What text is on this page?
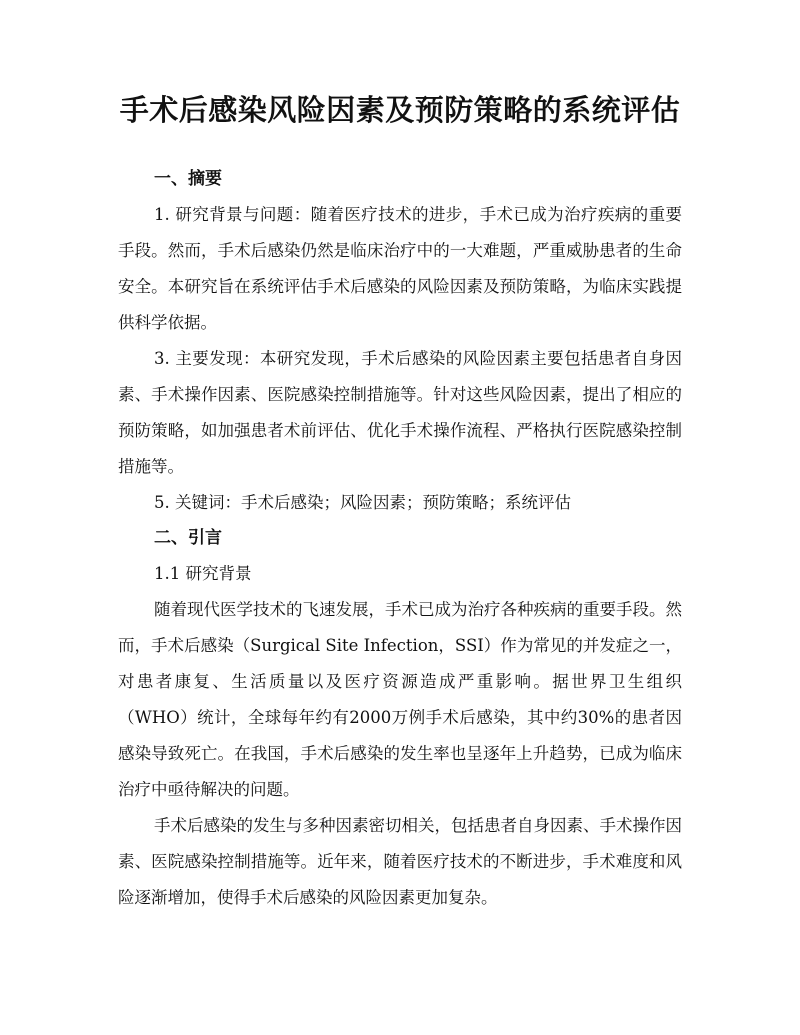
手术后感染风险因素及预防策略的系统评估
一、摘要

1. 研究背景与问题：随着医疗技术的进步，手术已成为治疗疾病的重要手段。然而，手术后感染仍然是临床治疗中的一大难题，严重威胁患者的生命安全。本研究旨在系统评估手术后感染的风险因素及预防策略，为临床实践提供科学依据。

3. 主要发现：本研究发现，手术后感染的风险因素主要包括患者自身因素、手术操作因素、医院感染控制措施等。针对这些风险因素，提出了相应的预防策略，如加强患者术前评估、优化手术操作流程、严格执行医院感染控制措施等。

5. 关键词：手术后感染；风险因素；预防策略；系统评估

二、引言
1.1 研究背景

随着现代医学技术的飞速发展，手术已成为治疗各种疾病的重要手段。然而，手术后感染（Surgical Site Infection，SSI）作为常见的并发症之一，对患者康复、生活质量以及医疗资源造成严重影响。据世界卫生组织（WHO）统计，全球每年约有2000万例手术后感染，其中约30%的患者因感染导致死亡。在我国，手术后感染的发生率也呈逐年上升趋势，已成为临床治疗中亟待解决的问题。

手术后感染的发生与多种因素密切相关，包括患者自身因素、手术操作因素、医院感染控制措施等。近年来，随着医疗技术的不断进步，手术难度和风险逐渐增加，使得手术后感染的风险因素更加复杂。
